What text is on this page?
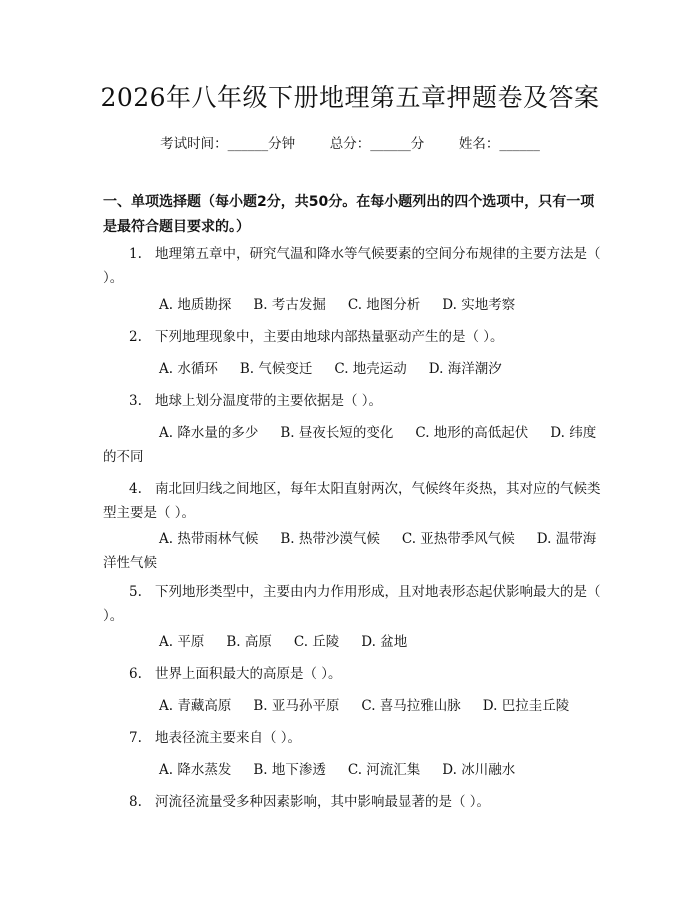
2026年八年级下册地理第五章押题卷及答案
考试时间：______分钟	总分：______分	姓名：______
一、单项选择题（每小题2分，共50分。在每小题列出的四个选项中，只有一项是最符合题目要求的。）
1. 地理第五章中，研究气温和降水等气候要素的空间分布规律的主要方法是（ ）。
A. 地质勘探 B. 考古发掘 C. 地图分析 D. 实地考察
2. 下列地理现象中，主要由地球内部热量驱动产生的是（ ）。
A. 水循环 B. 气候变迁 C. 地壳运动 D. 海洋潮汐
3. 地球上划分温度带的主要依据是（ ）。
A. 降水量的多少 B. 昼夜长短的变化 C. 地形的高低起伏 D. 纬度的不同
4. 南北回归线之间地区，每年太阳直射两次，气候终年炎热，其对应的气候类型主要是（ ）。
A. 热带雨林气候 B. 热带沙漠气候 C. 亚热带季风气候 D. 温带海洋性气候
5. 下列地形类型中，主要由内力作用形成，且对地表形态起伏影响最大的是（ ）。
A. 平原 B. 高原 C. 丘陵 D. 盆地
6. 世界上面积最大的高原是（ ）。
A. 青藏高原 B. 亚马孙平原 C. 喜马拉雅山脉 D. 巴拉圭丘陵
7. 地表径流主要来自（ ）。
A. 降水蒸发 B. 地下渗透 C. 河流汇集 D. 冰川融水
8. 河流径流量受多种因素影响，其中影响最显著的是（ ）。
